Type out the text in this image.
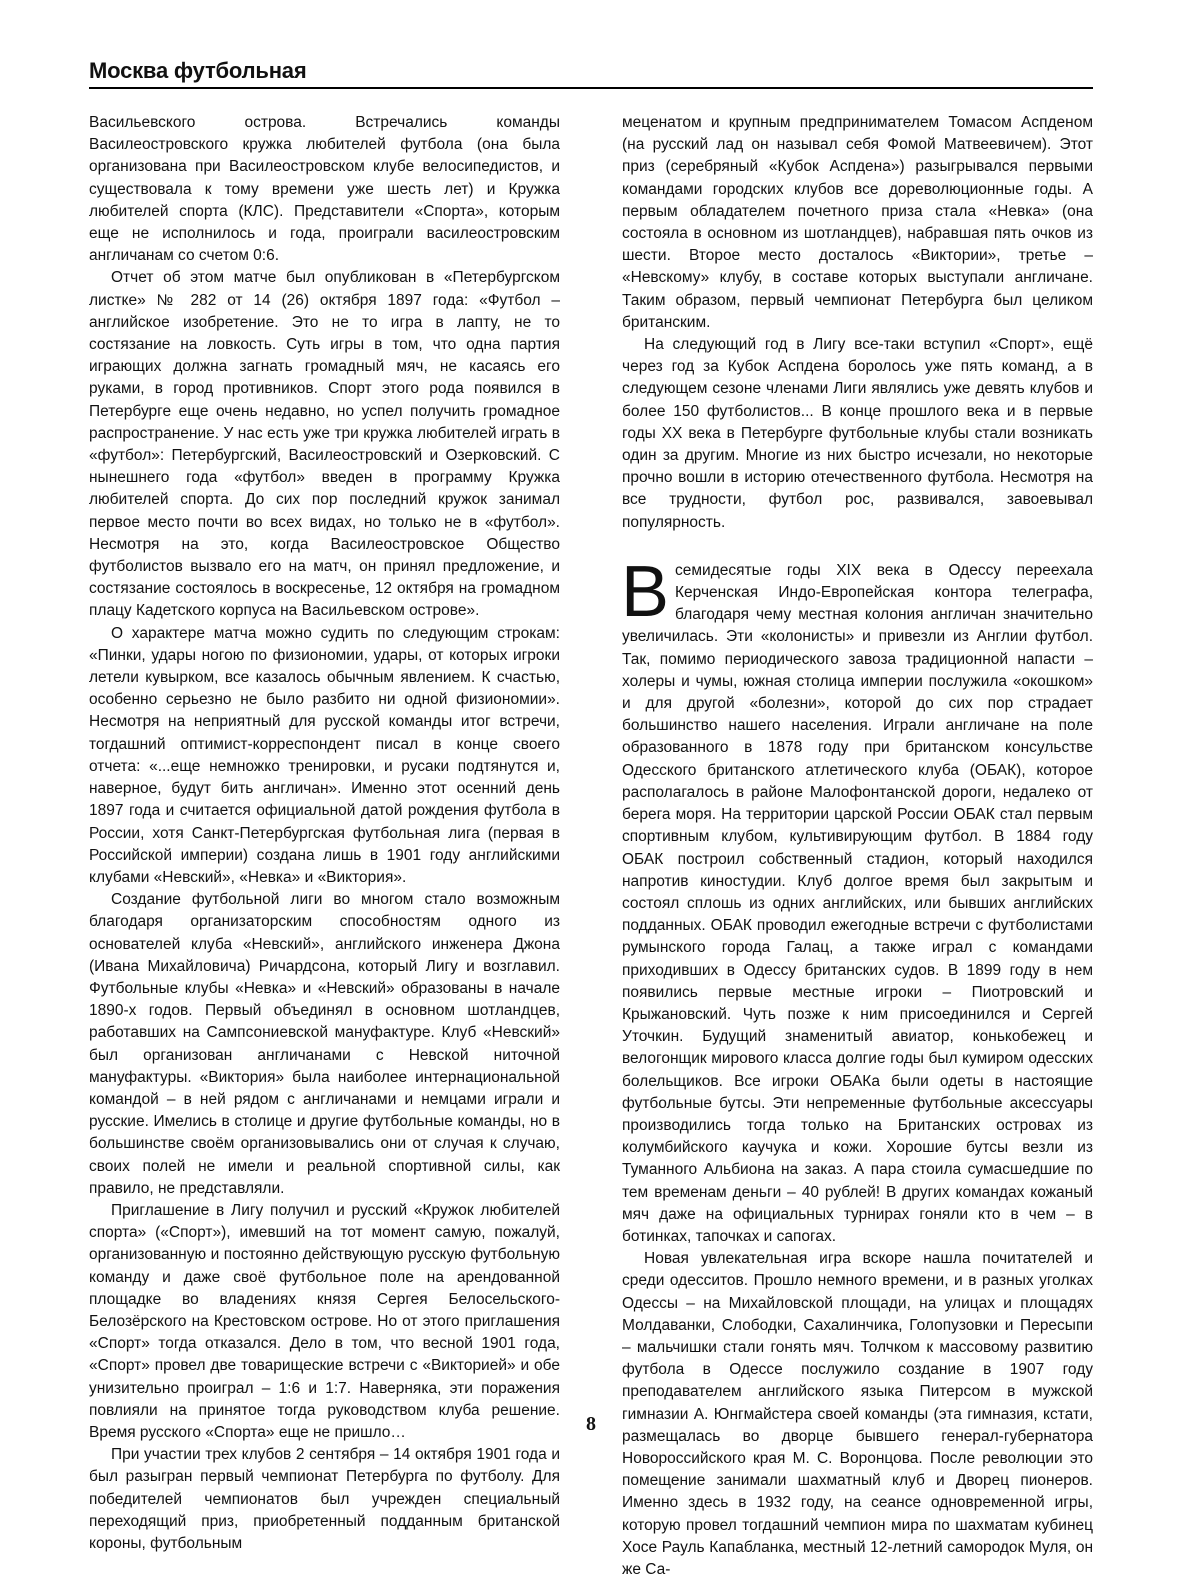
Москва футбольная

Васильевского острова. Встречались команды Василеостровского кружка любителей футбола (она была организована при Василеостровском клубе велосипедистов, и существовала к тому времени уже шесть лет) и Кружка любителей спорта (КЛС). Представители «Спорта», которым еще не исполнилось и года, проиграли василеостровским англичанам со счетом 0:6.

Отчет об этом матче был опубликован в «Петербургском листке» № 282 от 14 (26) октября 1897 года: «Футбол – английское изобретение. Это не то игра в лапту, не то состязание на ловкость. Суть игры в том, что одна партия играющих должна загнать громадный мяч, не касаясь его руками, в город противников. Спорт этого рода появился в Петербурге еще очень недавно, но успел получить громадное распространение. У нас есть уже три кружка любителей играть в «футбол»: Петербургский, Василеостровский и Озерковский. С нынешнего года «футбол» введен в программу Кружка любителей спорта. До сих пор последний кружок занимал первое место почти во всех видах, но только не в «футбол». Несмотря на это, когда Василеостровское Общество футболистов вызвало его на матч, он принял предложение, и состязание состоялось в воскресенье, 12 октября на громадном плацу Кадетского корпуса на Васильевском острове».

О характере матча можно судить по следующим строкам: «Пинки, удары ногою по физиономии, удары, от которых игроки летели кувырком, все казалось обычным явлением. К счастью, особенно серьезно не было разбито ни одной физиономии». Несмотря на неприятный для русской команды итог встречи, тогдашний оптимист-корреспондент писал в конце своего отчета: «...еще немножко тренировки, и русаки подтянутся и, наверное, будут бить англичан». Именно этот осенний день 1897 года и считается официальной датой рождения футбола в России, хотя Санкт-Петербургская футбольная лига (первая в Российской империи) создана лишь в 1901 году английскими клубами «Невский», «Невка» и «Виктория».

Создание футбольной лиги во многом стало возможным благодаря организаторским способностям одного из основателей клуба «Невский», английского инженера Джона (Ивана Михайловича) Ричардсона, который Лигу и возглавил. Футбольные клубы «Невка» и «Невский» образованы в начале 1890-х годов. Первый объединял в основном шотландцев, работавших на Сампсониевской мануфактуре. Клуб «Невский» был организован англичанами с Невской ниточной мануфактуры. «Виктория» была наиболее интернациональной командой – в ней рядом с англичанами и немцами играли и русские. Имелись в столице и другие футбольные команды, но в большинстве своём организовывались они от случая к случаю, своих полей не имели и реальной спортивной силы, как правило, не представляли.

Приглашение в Лигу получил и русский «Кружок любителей спорта» («Спорт»), имевший на тот момент самую, пожалуй, организованную и постоянно действующую русскую футбольную команду и даже своё футбольное поле на арендованной площадке во владениях князя Сергея Белосельского-Белозёрского на Крестовском острове. Но от этого приглашения «Спорт» тогда отказался. Дело в том, что весной 1901 года, «Спорт» провел две товарищеские встречи с «Викторией» и обе унизительно проиграл – 1:6 и 1:7. Наверняка, эти поражения повлияли на принятое тогда руководством клуба решение. Время русского «Спорта» еще не пришло…

При участии трех клубов 2 сентября – 14 октября 1901 года и был разыгран первый чемпионат Петербурга по футболу. Для победителей чемпионатов был учрежден специальный переходящий приз, приобретенный подданным британской короны, футбольным

меценатом и крупным предпринимателем Томасом Аспденом (на русский лад он называл себя Фомой Матвеевичем). Этот приз (серебряный «Кубок Аспдена») разыгрывался первыми командами городских клубов все дореволюционные годы. А первым обладателем почетного приза стала «Невка» (она состояла в основном из шотландцев), набравшая пять очков из шести. Второе место досталось «Виктории», третье – «Невскому» клубу, в составе которых выступали англичане. Таким образом, первый чемпионат Петербурга был целиком британским.

На следующий год в Лигу все-таки вступил «Спорт», ещё через год за Кубок Аспдена боролось уже пять команд, а в следующем сезоне членами Лиги являлись уже девять клубов и более 150 футболистов... В конце прошлого века и в первые годы XX века в Петербурге футбольные клубы стали возникать один за другим. Многие из них быстро исчезали, но некоторые прочно вошли в историю отечественного футбола. Несмотря на все трудности, футбол рос, развивался, завоевывал популярность.

Всемидесятые годы XIX века в Одессу переехала Керченская Индо-Европейская контора телеграфа, благодаря чему местная колония англичан значительно увеличилась. Эти «колонисты» и привезли из Англии футбол. Так, помимо периодического завоза традиционной напасти – холеры и чумы, южная столица империи послужила «окошком» и для другой «болезни», которой до сих пор страдает большинство нашего населения. Играли англичане на поле образованного в 1878 году при британском консульстве Одесского британского атлетического клуба (ОБАК), которое располагалось в районе Малофонтанской дороги, недалеко от берега моря. На территории царской России ОБАК стал первым спортивным клубом, культивирующим футбол. В 1884 году ОБАК построил собственный стадион, который находился напротив киностудии. Клуб долгое время был закрытым и состоял сплошь из одних английских, или бывших английских подданных. ОБАК проводил ежегодные встречи с футболистами румынского города Галац, а также играл с командами приходивших в Одессу британских судов. В 1899 году в нем появились первые местные игроки – Пиотровский и Крыжановский. Чуть позже к ним присоединился и Сергей Уточкин. Будущий знаменитый авиатор, конькобежец и велогонщик мирового класса долгие годы был кумиром одесских болельщиков. Все игроки ОБАКа были одеты в настоящие футбольные бутсы. Эти непременные футбольные аксессуары производились тогда только на Британских островах из колумбийского каучука и кожи. Хорошие бутсы везли из Туманного Альбиона на заказ. А пара стоила сумасшедшие по тем временам деньги – 40 рублей! В других командах кожаный мяч даже на официальных турнирах гоняли кто в чем – в ботинках, тапочках и сапогах.

Новая увлекательная игра вскоре нашла почитателей и среди одесситов. Прошло немного времени, и в разных уголках Одессы – на Михайловской площади, на улицах и площадях Молдаванки, Слободки, Сахалинчика, Голопузовки и Пересыпи – мальчишки стали гонять мяч. Толчком к массовому развитию футбола в Одессе послужило создание в 1907 году преподавателем английского языка Питерсом в мужской гимназии А. Юнгмайстера своей команды (эта гимназия, кстати, размещалась во дворце бывшего генерал-губернатора Новороссийского края М. С. Воронцова. После революции это помещение занимали шахматный клуб и Дворец пионеров. Именно здесь в 1932 году, на сеансе одновременной игры, которую провел тогдашний чемпион мира по шахматам кубинец Хосе Рауль Капабланка, местный 12-летний самородок Муля, он же Са-

8
